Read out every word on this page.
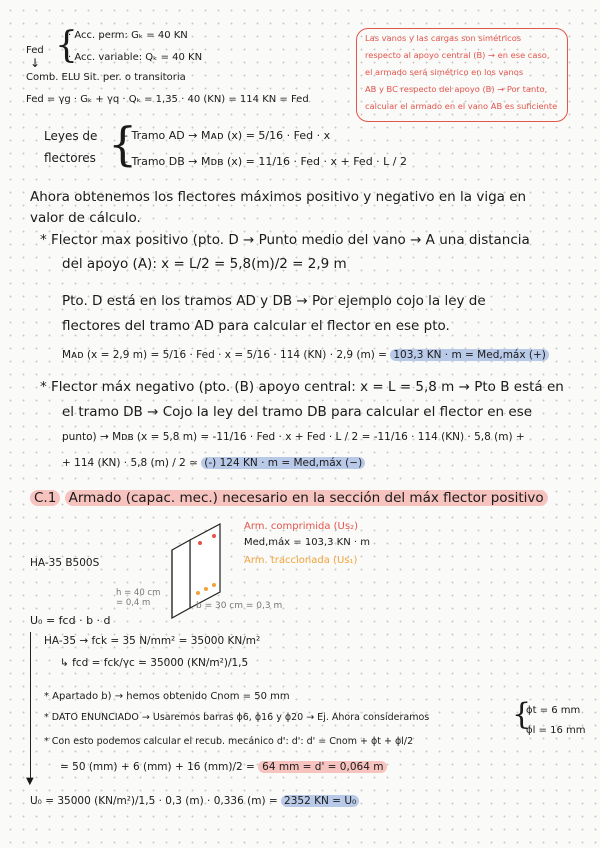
Fed {
· Acc. perm: Gₖ = 40 KN
· Acc. variable: Qₖ = 40 KN
↓
Comb. ELU Sit. per. o transitoria
Fed = γg · Gₖ + γq · Qₖ = 1,35 · 40 (KN) = 114 KN = Fed
Las vanos y las cargas son simétricos
respecto al apoyo central (B) → en ese caso,
el armado será simétrico en los vanos
AB y BC respecto del apoyo (B) → Por tanto,
calcular el armado en el vano AB es suficiente
Leyes de
flectores {
- Tramo AD → Mᴀᴅ (x) = 5/16 · Fed · x
- Tramo DB → Mᴅʙ (x) = 11/16 · Fed · x + Fed · L / 2
Ahora obtenemos los flectores máximos positivo y negativo en la viga en
valor de cálculo.
* Flector max positivo (pto. D → Punto medio del vano → A una distancia
del apoyo (A): x = L/2 = 5,8(m)/2 = 2,9 m
Pto. D está en los tramos AD y DB → Por ejemplo cojo la ley de
flectores del tramo AD para calcular el flector en ese pto.
Mᴀᴅ (x = 2,9 m) = 5/16 · Fed · x = 5/16 · 114 (KN) · 2,9 (m) = 103,3 KN · m = Med,máx (+)
* Flector máx negativo (pto. (B) apoyo central: x = L = 5,8 m → Pto B está en
el tramo DB → Cojo la ley del tramo DB para calcular el flector en ese
punto) → Mᴅʙ (x = 5,8 m) = -11/16 · Fed · x + Fed · L / 2 = -11/16 · 114 (KN) · 5,8 (m) +
+ 114 (KN) · 5,8 (m) / 2 ≃ (-) 124 KN · m = Med,máx (−)
C.1 Armado (capac. mec.) necesario en la sección del máx flector positivo
Arm. comprimida (Us₂)
Med,máx = 103,3 KN · m
Arm. traccionada (Us₁)
HA-35 B500S
h = 40 cm = 0,4 m	b = 30 cm = 0,3 m
U₀ = fcd · b · d
▼
HA-35 → fck = 35 N/mm² = 35000 KN/m²
↳ fcd = fck/γc = 35000 (KN/m²)/1,5
* Apartado b) → hemos obtenido Cnom = 50 mm
* DATO ENUNCIADO → Usaremos barras ϕ6, ϕ16 y ϕ20 → Ej. Ahora consideramos	{
ϕt = 6 mm
ϕl = 16 mm
* Con esto podemos calcular el recub. mecánico d': d': d' = Cnom + ϕt + ϕl/2
= 50 (mm) + 6 (mm) + 16 (mm)/2 = 64 mm = d' = 0,064 m
U₀ = 35000 (KN/m²)/1,5 · 0,3 (m) · 0,336 (m) = 2352 KN = U₀
